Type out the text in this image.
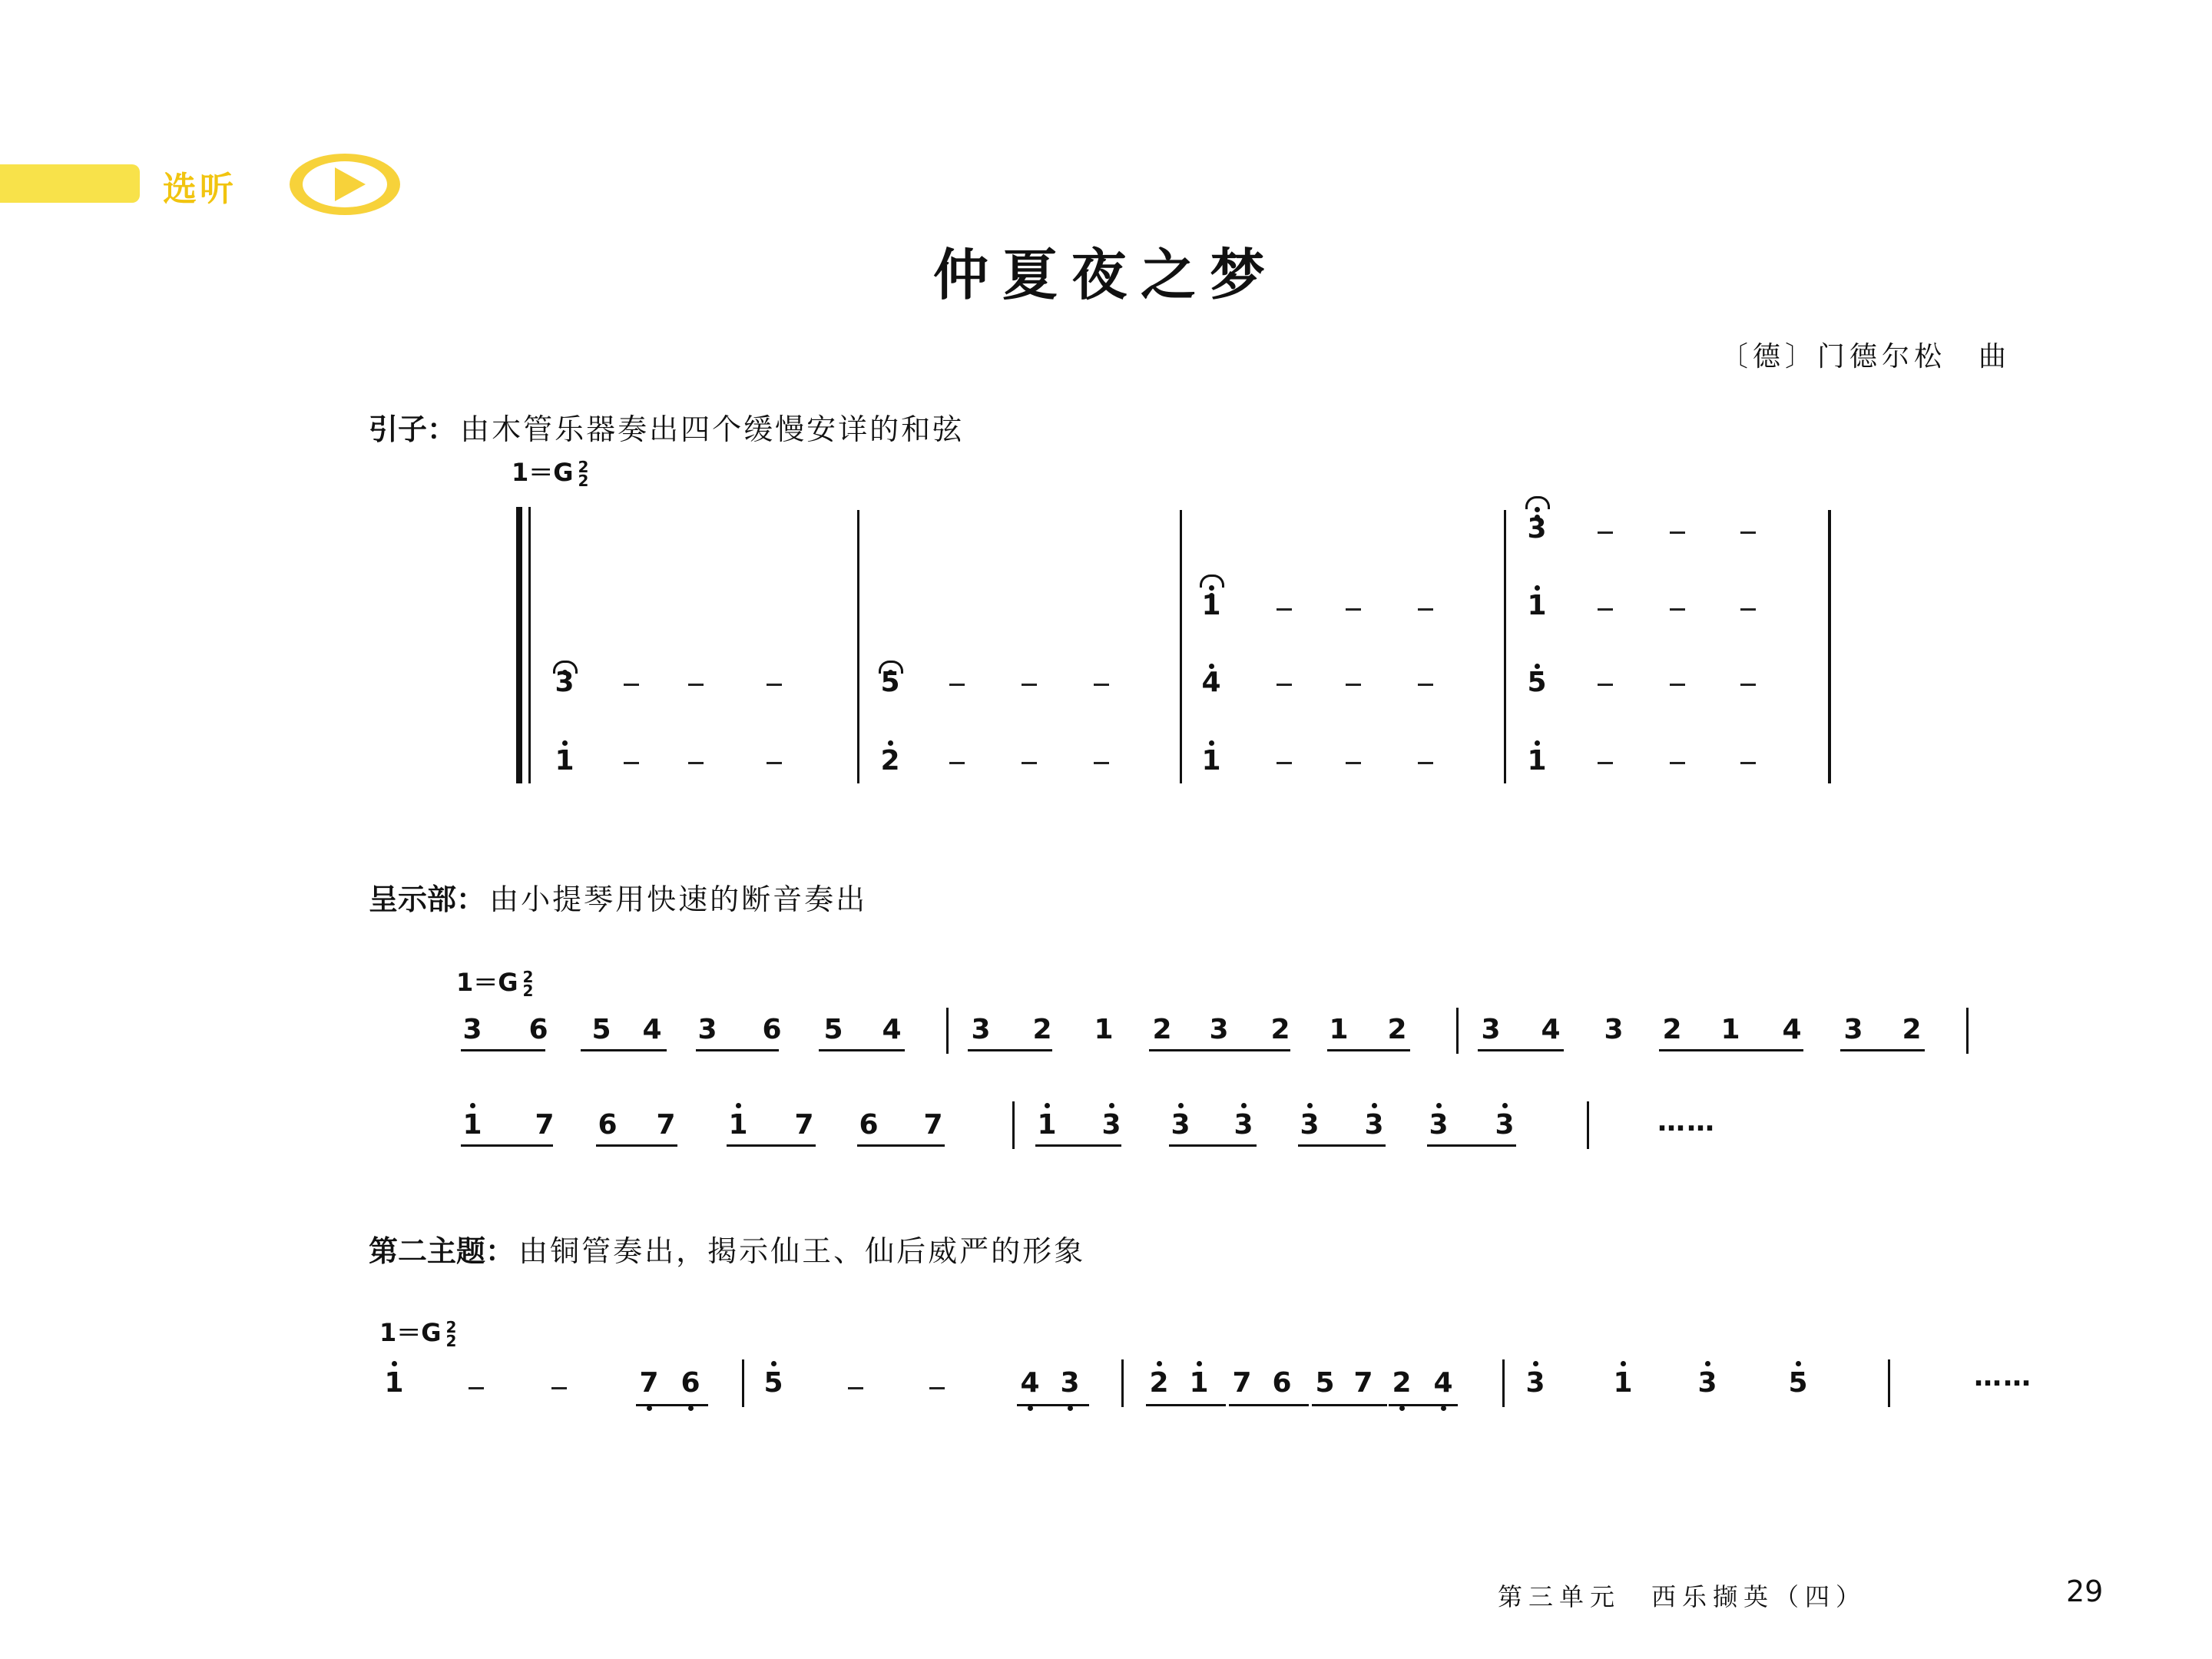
选听
仲夏夜之梦
〔德〕门德尔松　曲
引子： 由木管乐器奏出四个缓慢安详的和弦
1＝G 2
2
3
1
5
2
1
4
1
3
1
5
1
呈示部： 由小提琴用快速的断音奏出
1＝G 2
2
3 6 5 4 3 6 5 4	3 2 1 2 3 2 1 2	3 4 3 2 1 4 3 2
1 7 6 7 1 7 6 7	1 3 3 3 3 3 3 3	……
第二主题： 由铜管奏出，揭示仙王、仙后威严的形象
1＝G 2
2
1	7 6 5	4 3	2 1 7 6 5 7 2 4	3 1 3	5	……
第三单元　西乐撷英（四）	29
